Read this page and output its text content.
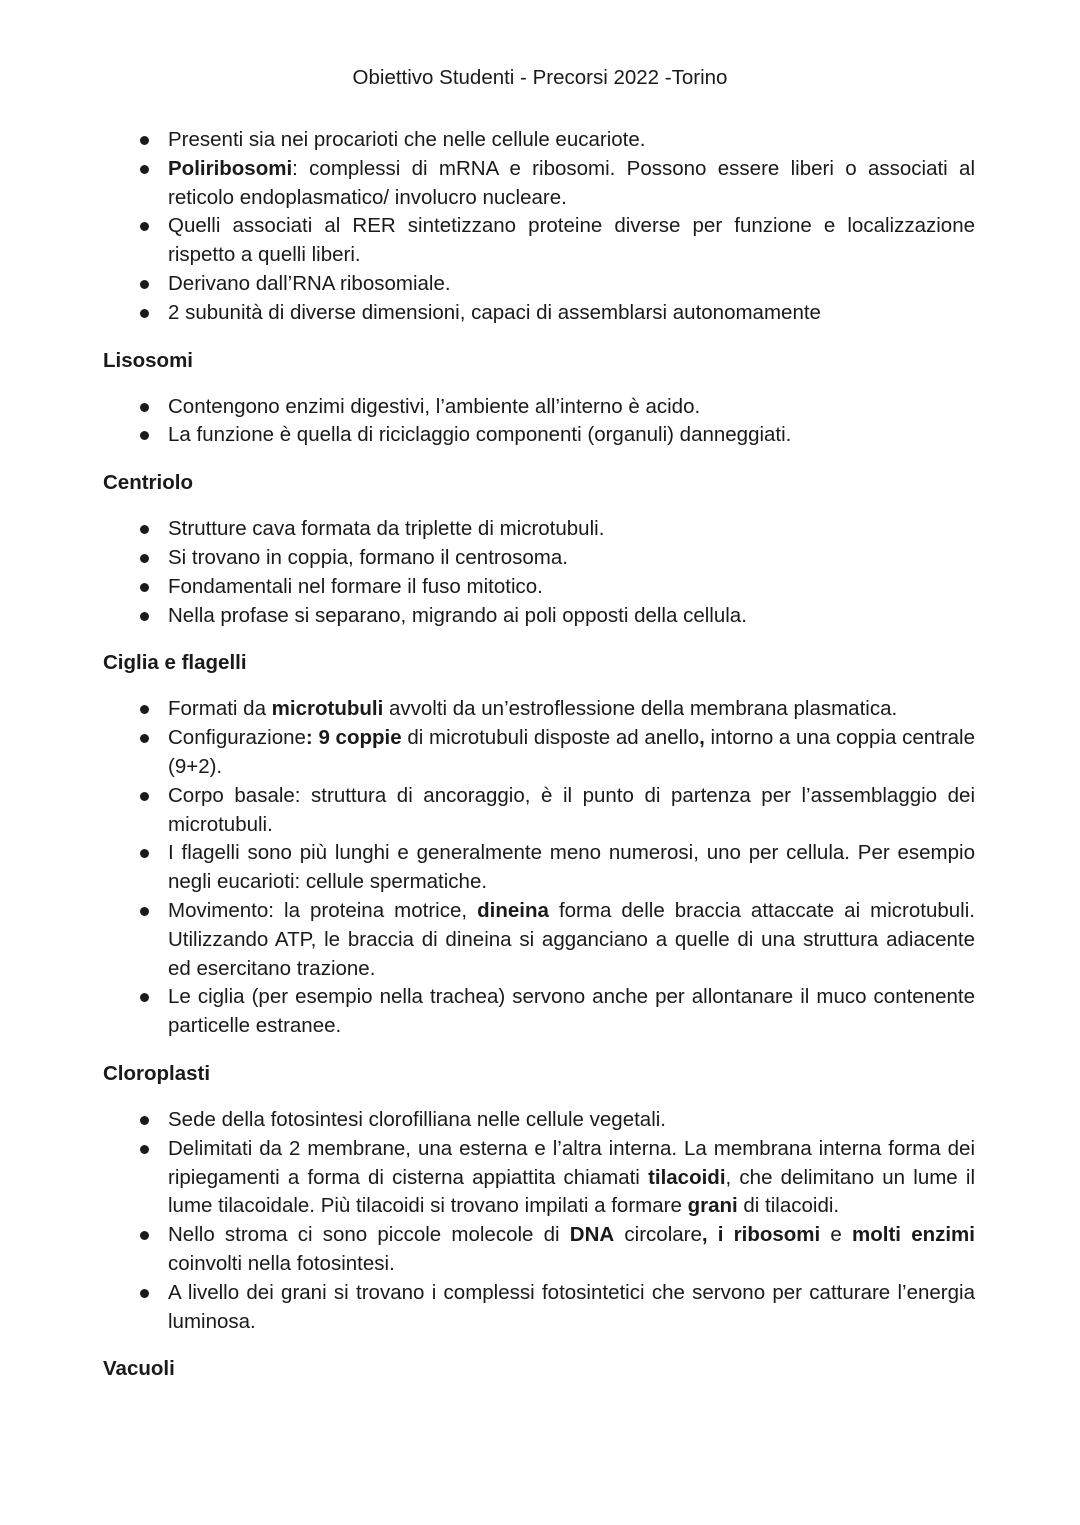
Obiettivo Studenti - Precorsi 2022 -Torino
Presenti sia nei procarioti che nelle cellule eucariote.
Poliribosomi: complessi di mRNA e ribosomi. Possono essere liberi o associati al reticolo endoplasmatico/ involucro nucleare.
Quelli associati al RER sintetizzano proteine diverse per funzione e localizzazione rispetto a quelli liberi.
Derivano dall’RNA ribosomiale.
2 subunità di diverse dimensioni, capaci di assemblarsi autonomamente
Lisosomi
Contengono enzimi digestivi, l’ambiente all’interno è acido.
La funzione è quella di riciclaggio componenti (organuli) danneggiati.
Centriolo
Strutture cava formata da triplette di microtubuli.
Si trovano in coppia, formano il centrosoma.
Fondamentali nel formare il fuso mitotico.
Nella profase si separano, migrando ai poli opposti della cellula.
Ciglia e flagelli
Formati da microtubuli avvolti da un’estroflessione della membrana plasmatica.
Configurazione: 9 coppie di microtubuli disposte ad anello, intorno a una coppia centrale (9+2).
Corpo basale: struttura di ancoraggio, è il punto di partenza per l’assemblaggio dei microtubuli.
I flagelli sono più lunghi e generalmente meno numerosi, uno per cellula. Per esempio negli eucarioti: cellule spermatiche.
Movimento: la proteina motrice, dineina forma delle braccia attaccate ai microtubuli. Utilizzando ATP, le braccia di dineina si agganciano a quelle di una struttura adiacente ed esercitano trazione.
Le ciglia (per esempio nella trachea) servono anche per allontanare il muco contenente particelle estranee.
Cloroplasti
Sede della fotosintesi clorofilliana nelle cellule vegetali.
Delimitati da 2 membrane, una esterna e l’altra interna. La membrana interna forma dei ripiegamenti a forma di cisterna appiattita chiamati tilacoidi, che delimitano un lume il lume tilacoidale. Più tilacoidi si trovano impilati a formare grani di tilacoidi.
Nello stroma ci sono piccole molecole di DNA circolare, i ribosomi e molti enzimi coinvolti nella fotosintesi.
A livello dei grani si trovano i complessi fotosintetici che servono per catturare l’energia luminosa.
Vacuoli
